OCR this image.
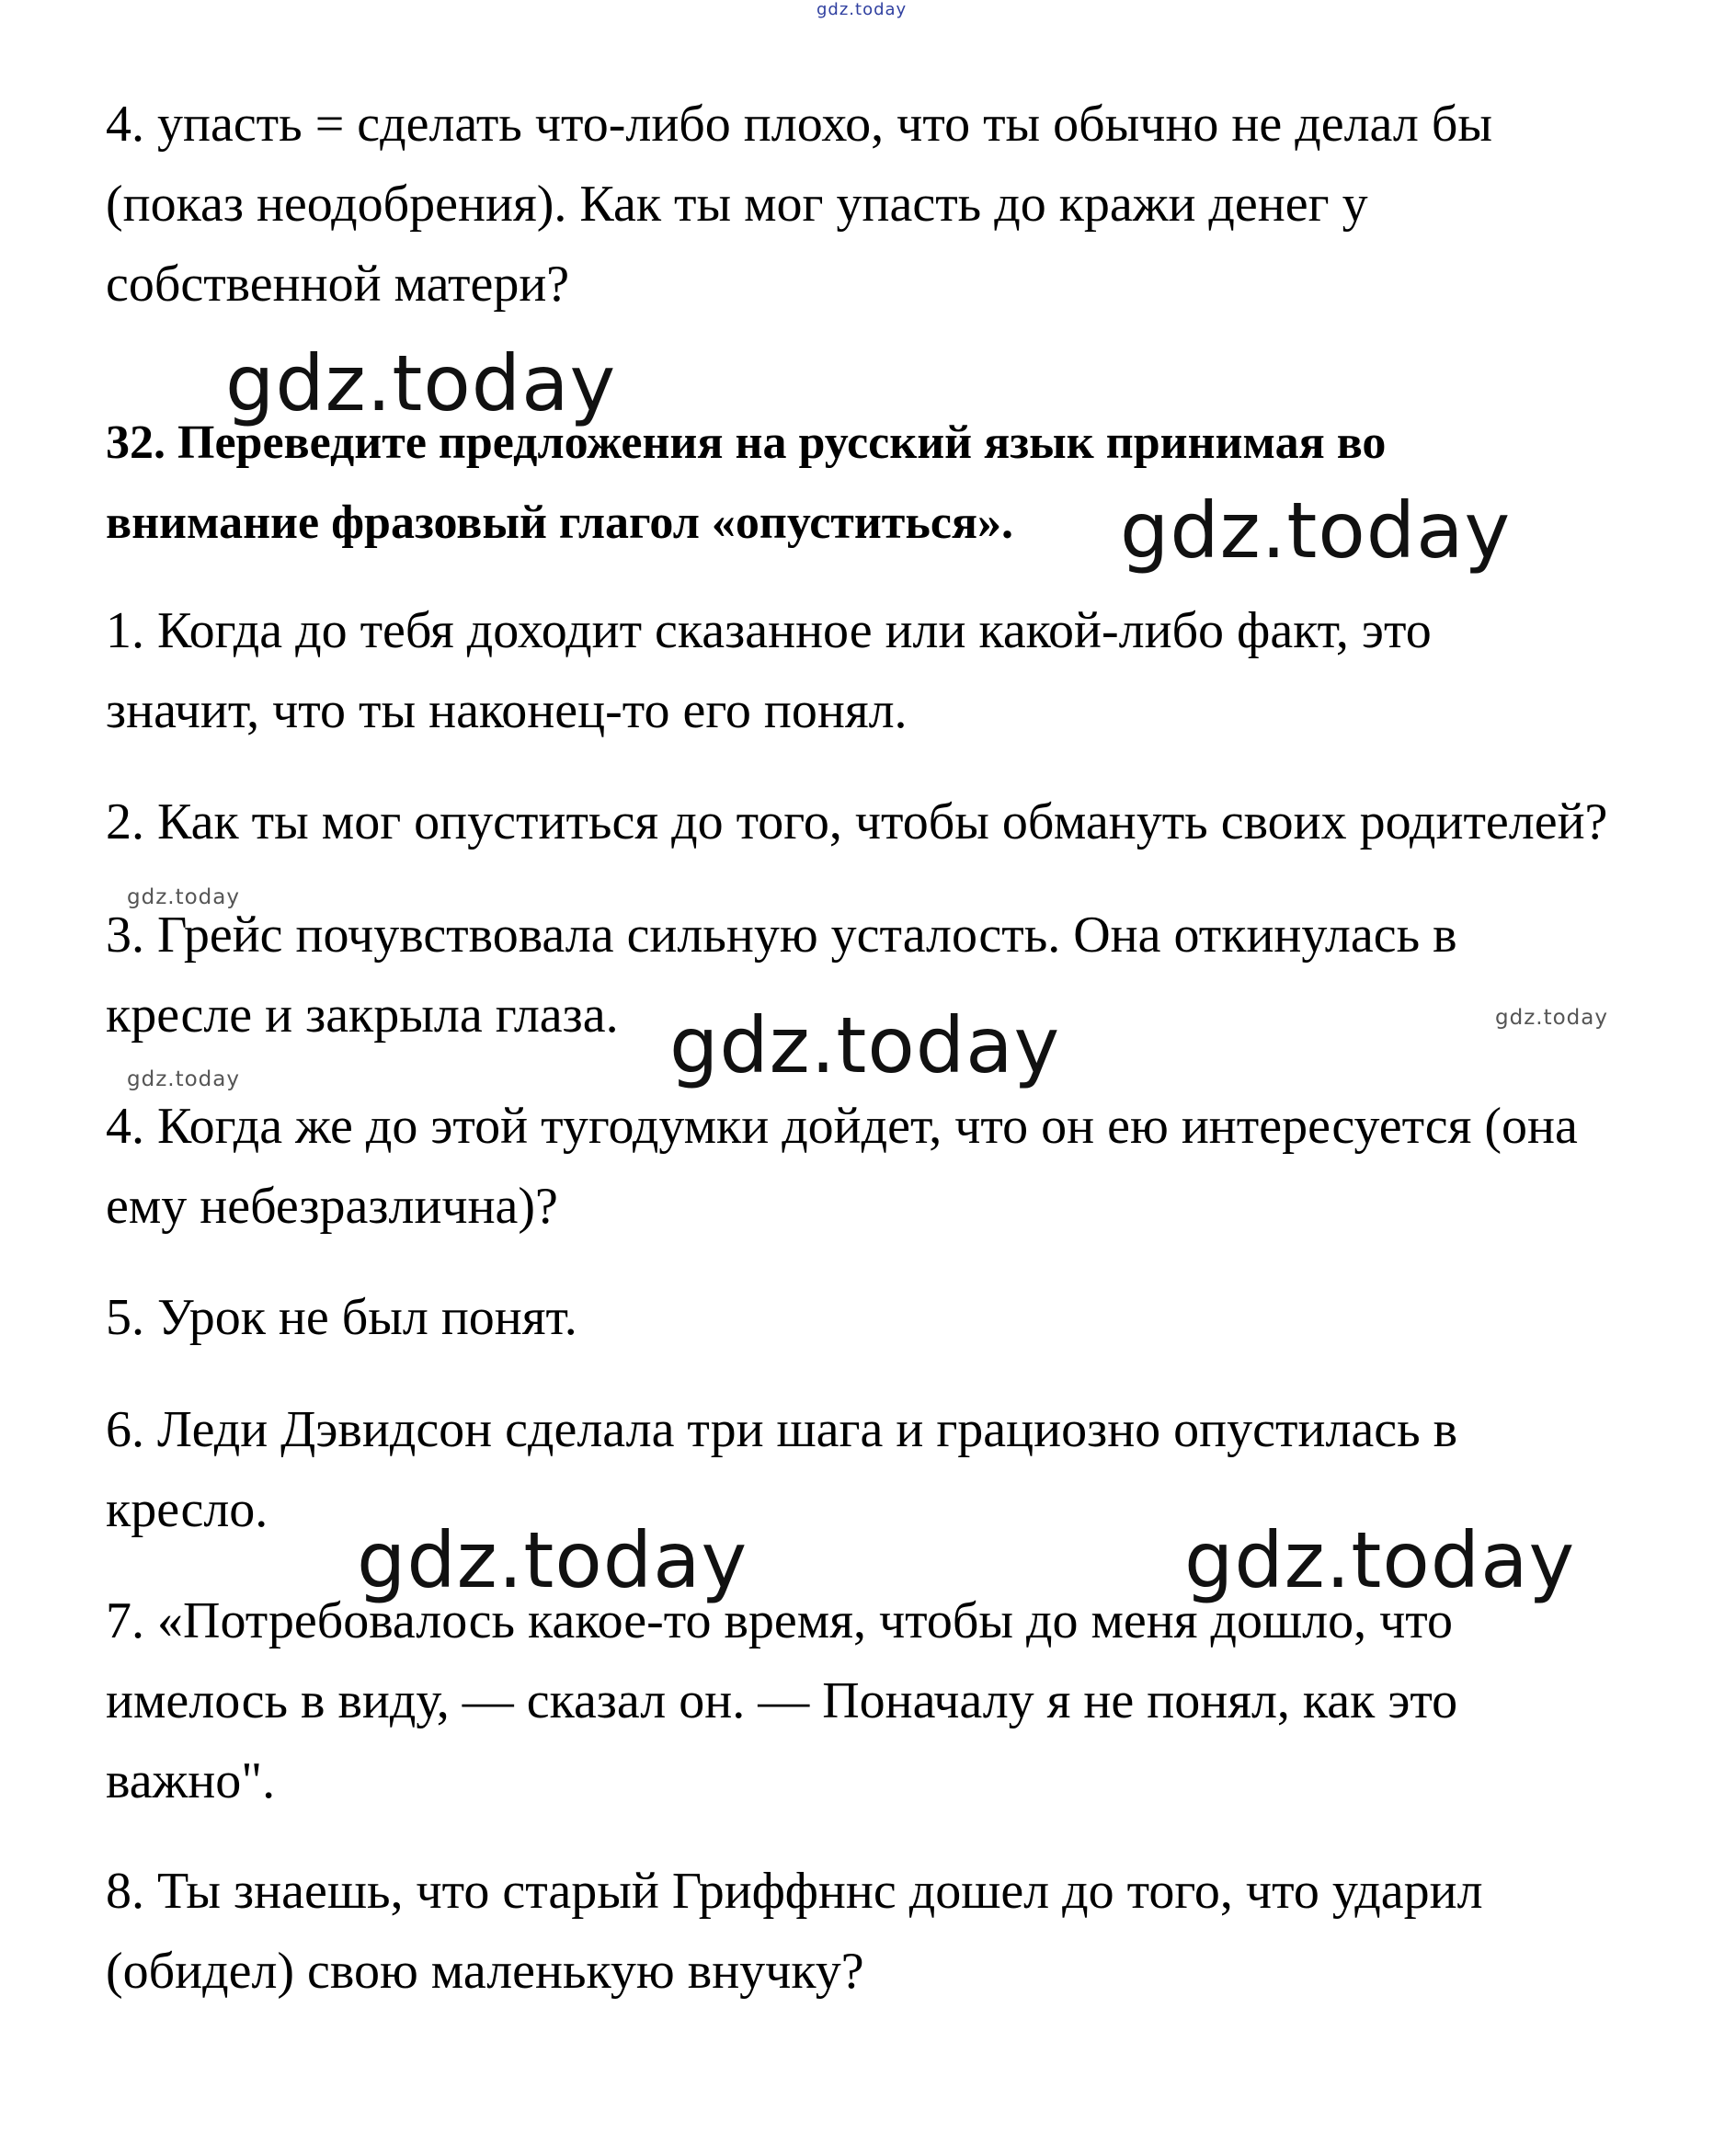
gdz.today

4. упасть = сделать что-либо плохо, что ты обычно не делал бы
(показ неодобрения). Как ты мог упасть до кражи денег у
собственной матери?

32. Переведите предложения на русский язык принимая во
внимание фразовый глагол «опуститься».

1. Когда до тебя доходит сказанное или какой-либо факт, это
значит, что ты наконец-то его понял.

2. Как ты мог опуститься до того, чтобы обмануть своих родителей?

3. Грейс почувствовала сильную усталость. Она откинулась в
кресле и закрыла глаза.

4. Когда же до этой тугодумки дойдет, что он ею интересуется (она
ему небезразлична)?

5. Урок не был понят.

6. Леди Дэвидсон сделала три шага и грациозно опустилась в
кресло.

7. «Потребовалось какое-то время, чтобы до меня дошло, что
имелось в виду, — сказал он. — Поначалу я не понял, как это
важно".

8. Ты знаешь, что старый Гриффннс дошел до того, что ударил
(обидел) свою маленькую внучку?

gdz.today
gdz.today
gdz.today
gdz.today	gdz.today
gdz.today
gdz.today
gdz.today
